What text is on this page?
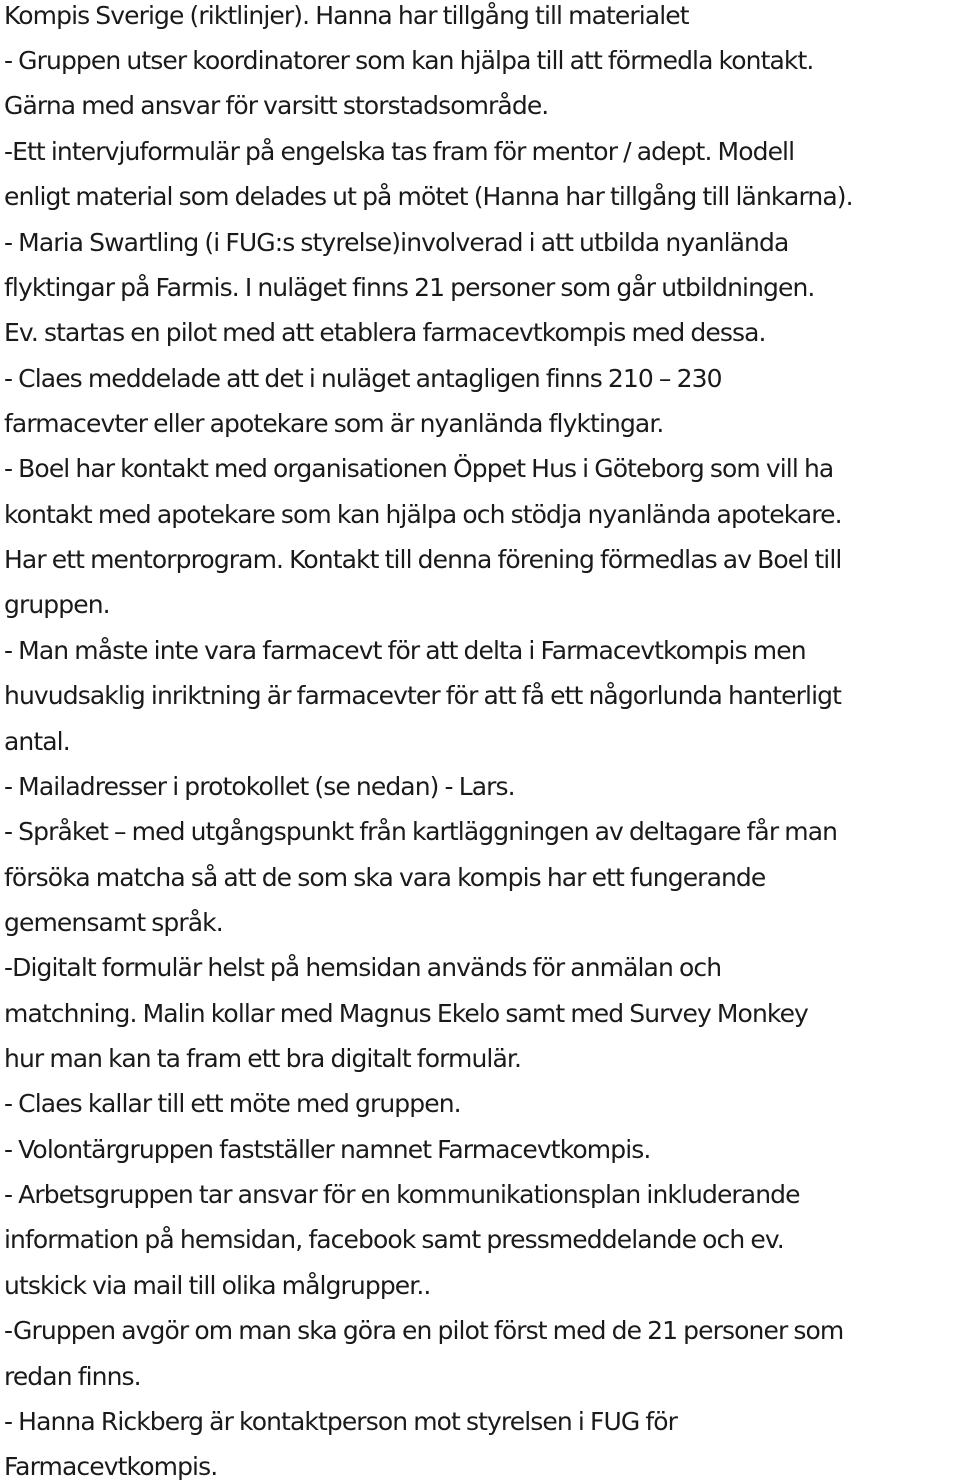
Kompis Sverige (riktlinjer). Hanna har tillgång till materialet
- Gruppen utser koordinatorer som kan hjälpa till att förmedla kontakt.
Gärna med ansvar för varsitt storstadsområde.
-Ett intervjuformulär på engelska tas fram för mentor / adept. Modell
enligt material som delades ut på mötet (Hanna har tillgång till länkarna).
- Maria Swartling (i FUG:s styrelse)involverad i att utbilda nyanlända
flyktingar på Farmis. I nuläget finns 21 personer som går utbildningen.
Ev. startas en pilot med att etablera farmacevtkompis med dessa.
- Claes meddelade att det i nuläget antagligen finns 210 – 230
farmacevter eller apotekare som är nyanlända flyktingar.
- Boel har kontakt med organisationen Öppet Hus i Göteborg som vill ha
kontakt med apotekare som kan hjälpa och stödja nyanlända apotekare.
Har ett mentorprogram. Kontakt till denna förening förmedlas av Boel till
gruppen.
- Man måste inte vara farmacevt för att delta i Farmacevtkompis men
huvudsaklig inriktning är farmacevter för att få ett någorlunda hanterligt
antal.
- Mailadresser i protokollet (se nedan) - Lars.
- Språket – med utgångspunkt från kartläggningen av deltagare får man
försöka matcha så att de som ska vara kompis har ett fungerande
gemensamt språk.
-Digitalt formulär helst på hemsidan används för anmälan och
matchning. Malin kollar med Magnus Ekelo samt med Survey Monkey
hur man kan ta fram ett bra digitalt formulär.
- Claes kallar till ett möte med gruppen.
- Volontärgruppen fastställer namnet Farmacevtkompis.
- Arbetsgruppen tar ansvar för en kommunikationsplan inkluderande
information på hemsidan, facebook samt pressmeddelande och ev.
utskick via mail till olika målgrupper..
-Gruppen avgör om man ska göra en pilot först med de 21 personer som
redan finns.
- Hanna Rickberg är kontaktperson mot styrelsen i FUG för
Farmacevtkompis.
